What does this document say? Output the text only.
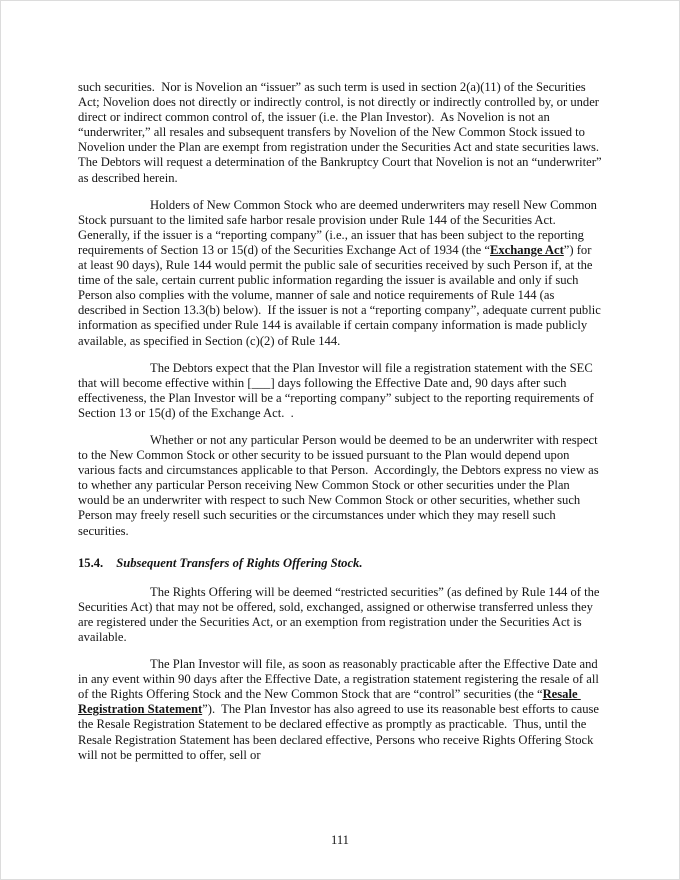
such securities.  Nor is Novelion an “issuer” as such term is used in section 2(a)(11) of the Securities Act; Novelion does not directly or indirectly control, is not directly or indirectly controlled by, or under direct or indirect common control of, the issuer (i.e. the Plan Investor).  As Novelion is not an “underwriter,” all resales and subsequent transfers by Novelion of the New Common Stock issued to Novelion under the Plan are exempt from registration under the Securities Act and state securities laws.  The Debtors will request a determination of the Bankruptcy Court that Novelion is not an “underwriter” as described herein.

Holders of New Common Stock who are deemed underwriters may resell New Common Stock pursuant to the limited safe harbor resale provision under Rule 144 of the Securities Act.  Generally, if the issuer is a “reporting company” (i.e., an issuer that has been subject to the reporting requirements of Section 13 or 15(d) of the Securities Exchange Act of 1934 (the “Exchange Act”) for at least 90 days), Rule 144 would permit the public sale of securities received by such Person if, at the time of the sale, certain current public information regarding the issuer is available and only if such Person also complies with the volume, manner of sale and notice requirements of Rule 144 (as described in Section 13.3(b) below).  If the issuer is not a “reporting company”, adequate current public information as specified under Rule 144 is available if certain company information is made publicly available, as specified in Section (c)(2) of Rule 144.

The Debtors expect that the Plan Investor will file a registration statement with the SEC that will become effective within [___] days following the Effective Date and, 90 days after such effectiveness, the Plan Investor will be a “reporting company” subject to the reporting requirements of Section 13 or 15(d) of the Exchange Act.  .

Whether or not any particular Person would be deemed to be an underwriter with respect to the New Common Stock or other security to be issued pursuant to the Plan would depend upon various facts and circumstances applicable to that Person.  Accordingly, the Debtors express no view as to whether any particular Person receiving New Common Stock or other securities under the Plan would be an underwriter with respect to such New Common Stock or other securities, whether such Person may freely resell such securities or the circumstances under which they may resell such securities.

15.4. Subsequent Transfers of Rights Offering Stock.

The Rights Offering will be deemed “restricted securities” (as defined by Rule 144 of the Securities Act) that may not be offered, sold, exchanged, assigned or otherwise transferred unless they are registered under the Securities Act, or an exemption from registration under the Securities Act is available.

The Plan Investor will file, as soon as reasonably practicable after the Effective Date and in any event within 90 days after the Effective Date, a registration statement registering the resale of all of the Rights Offering Stock and the New Common Stock that are “control” securities (the “Resale Registration Statement”).  The Plan Investor has also agreed to use its reasonable best efforts to cause the Resale Registration Statement to be declared effective as promptly as practicable.  Thus, until the Resale Registration Statement has been declared effective, Persons who receive Rights Offering Stock will not be permitted to offer, sell or

111
